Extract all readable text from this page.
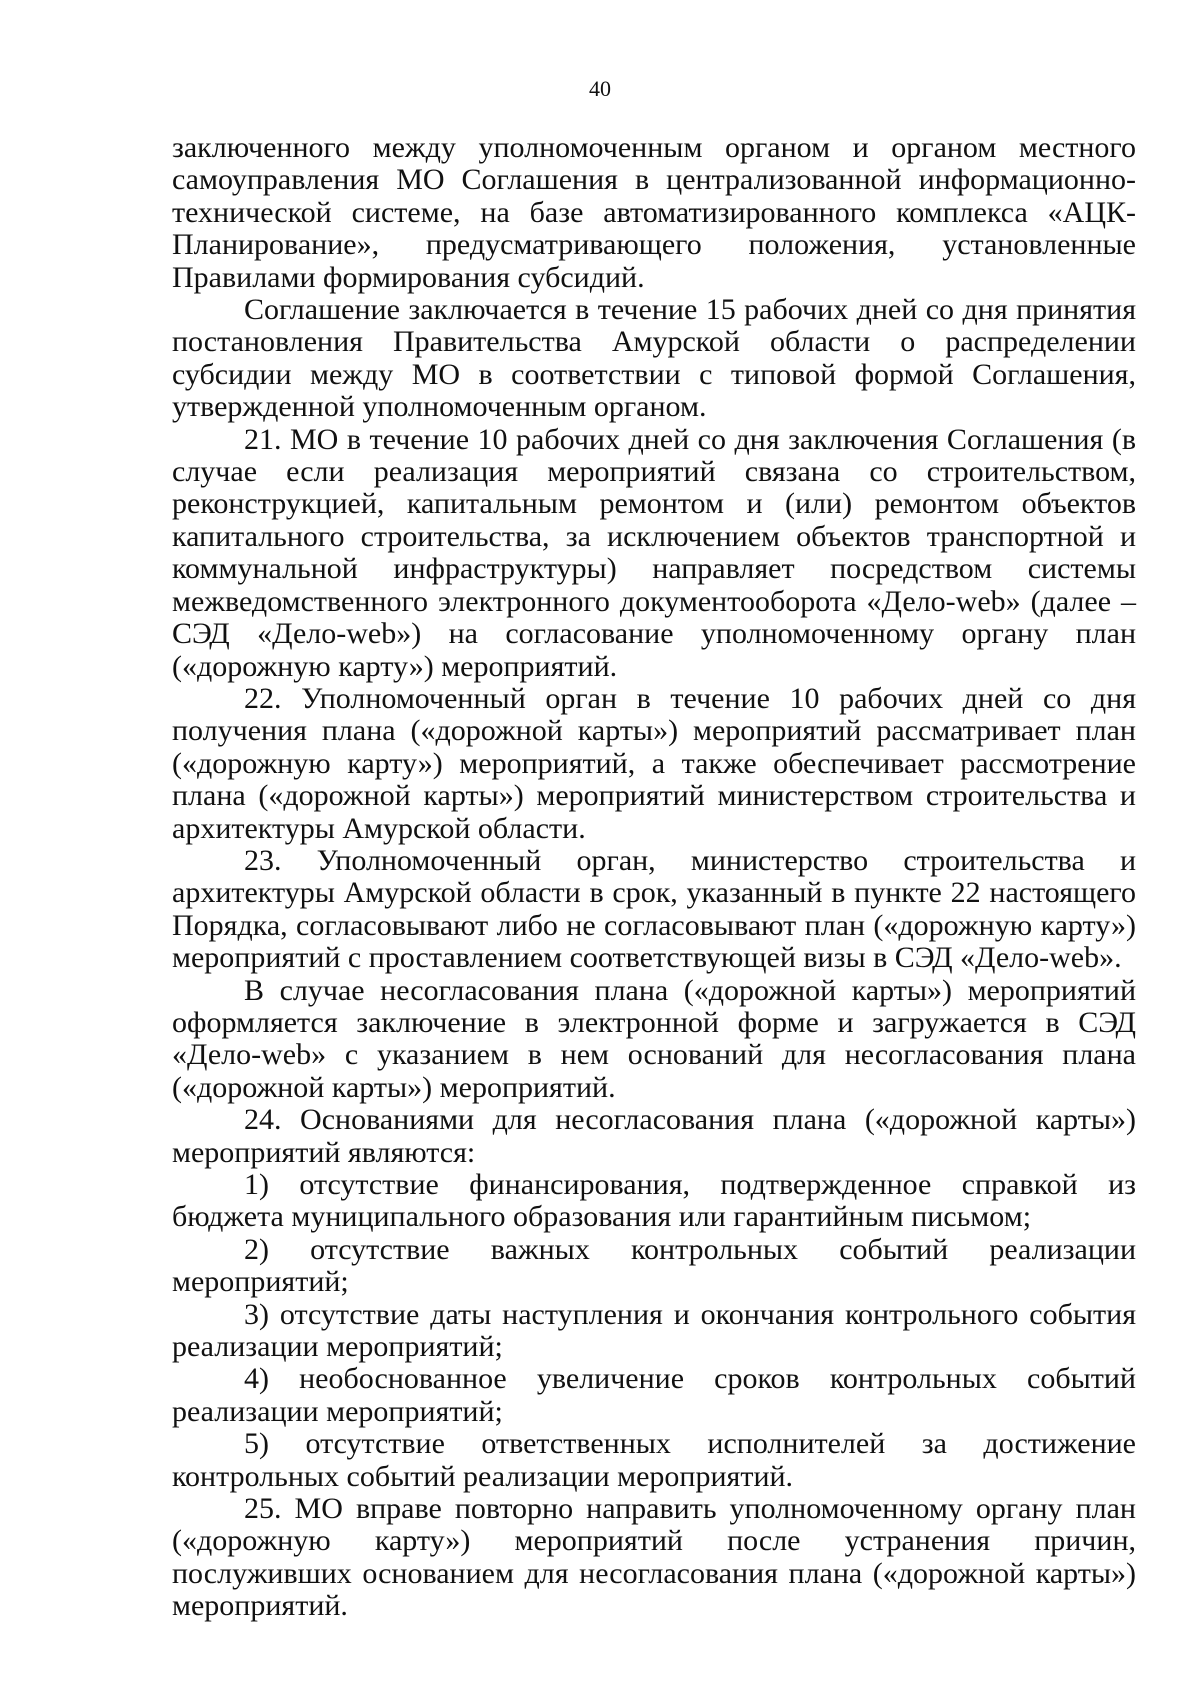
40

заключенного между уполномоченным органом и органом местного самоуправления МО Соглашения в централизованной информационно-технической системе, на базе автоматизированного комплекса «АЦК-Планирование», предусматривающего положения, установленные Правилами формирования субсидий.

Соглашение заключается в течение 15 рабочих дней со дня принятия постановления Правительства Амурской области о распределении субсидии между МО в соответствии с типовой формой Соглашения, утвержденной уполномоченным органом.

21. МО в течение 10 рабочих дней со дня заключения Соглашения (в случае если реализация мероприятий связана со строительством, реконструкцией, капитальным ремонтом и (или) ремонтом объектов капитального строительства, за исключением объектов транспортной и коммунальной инфраструктуры) направляет посредством системы межведомственного электронного документооборота «Дело-web» (далее – СЭД «Дело-web») на согласование уполномоченному органу план («дорожную карту») мероприятий.

22. Уполномоченный орган в течение 10 рабочих дней со дня получения плана («дорожной карты») мероприятий рассматривает план («дорожную карту») мероприятий, а также обеспечивает рассмотрение плана («дорожной карты») мероприятий министерством строительства и архитектуры Амурской области.

23. Уполномоченный орган, министерство строительства и архитектуры Амурской области в срок, указанный в пункте 22 настоящего Порядка, согласовывают либо не согласовывают план («дорожную карту») мероприятий с проставлением соответствующей визы в СЭД «Дело-web».

В случае несогласования плана («дорожной карты») мероприятий оформляется заключение в электронной форме и загружается в СЭД «Дело-web» с указанием в нем оснований для несогласования плана («дорожной карты») мероприятий.

24. Основаниями для несогласования плана («дорожной карты») мероприятий являются:

1) отсутствие финансирования, подтвержденное справкой из бюджета муниципального образования или гарантийным письмом;

2) отсутствие важных контрольных событий реализации мероприятий;

3) отсутствие даты наступления и окончания контрольного события реализации мероприятий;

4) необоснованное увеличение сроков контрольных событий реализации мероприятий;

5) отсутствие ответственных исполнителей за достижение контрольных событий реализации мероприятий.

25. МО вправе повторно направить уполномоченному органу план («дорожную карту») мероприятий после устранения причин, послуживших основанием для несогласования плана («дорожной карты») мероприятий.
